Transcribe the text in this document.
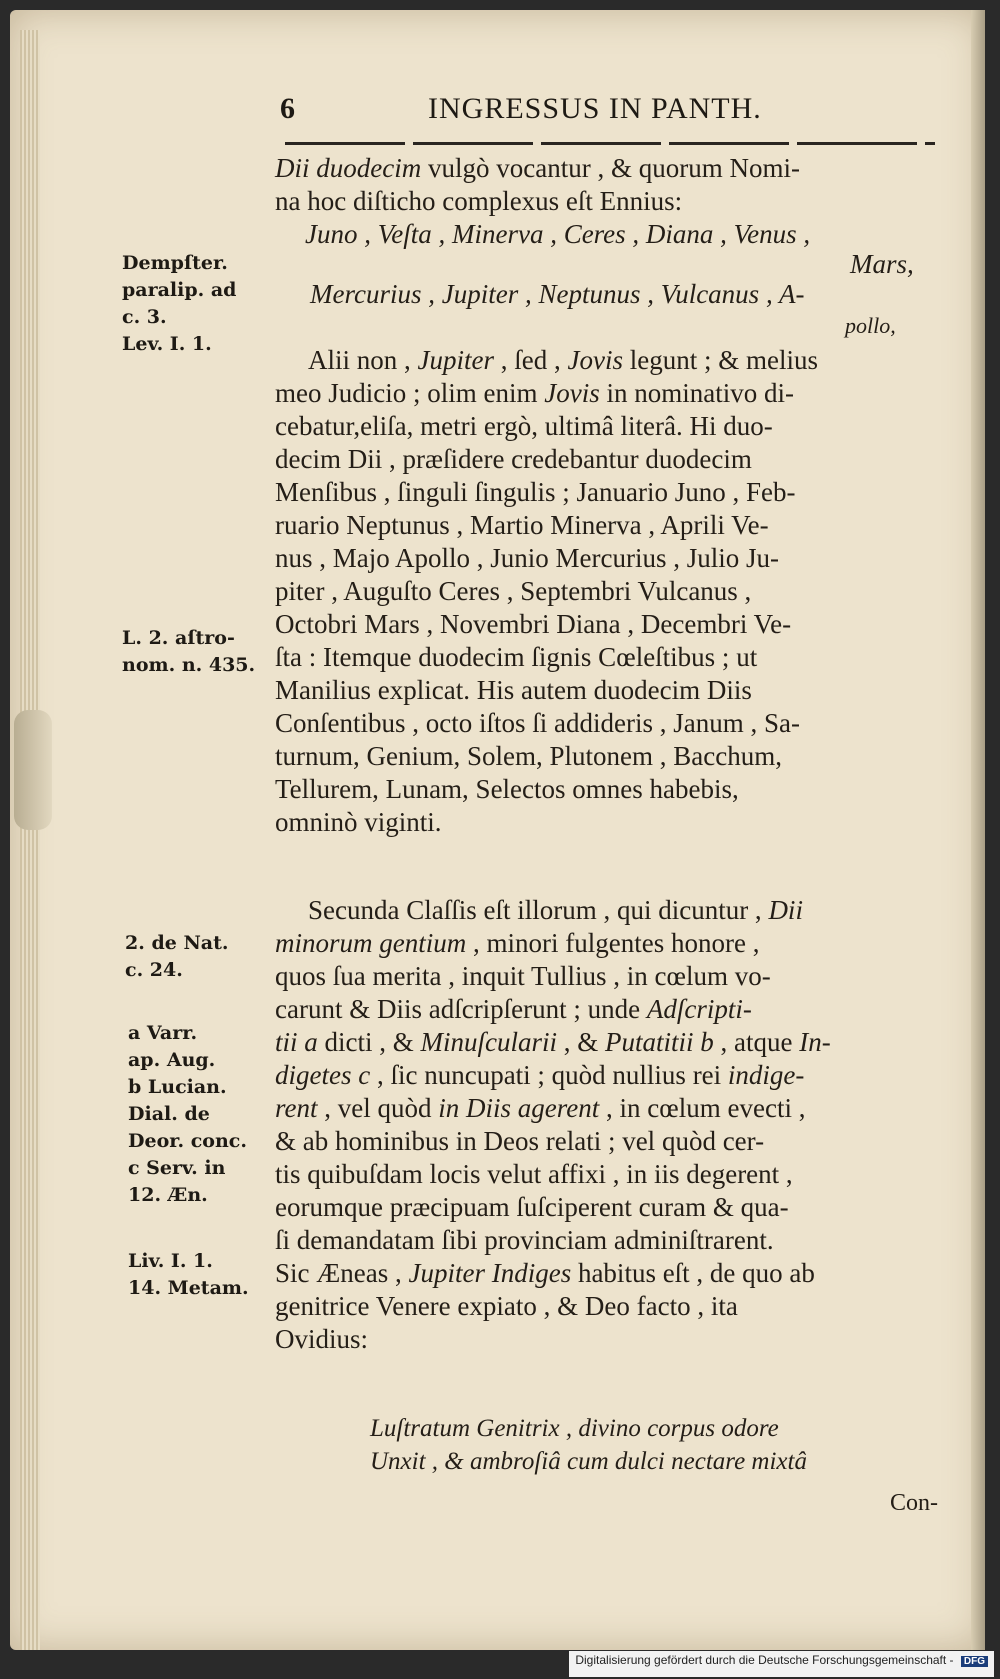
6	INGRESSUS IN PANTH.
Dii duodecim vulgò vocantur , & quorum Nomi-
na hoc diſticho complexus eſt Ennius:
Juno , Veſta , Minerva , Ceres , Diana , Venus ,
Mars,
Mercurius , Jupiter , Neptunus , Vulcanus , A-
pollo,
Alii non , Jupiter , ſed , Jovis legunt ; & melius
meo Judicio ; olim enim Jovis in nominativo di-
cebatur,eliſa, metri ergò, ultimâ literâ. Hi duo-
decim Dii , præſidere credebantur duodecim
Menſibus , ſinguli ſingulis ; Januario Juno , Feb-
ruario Neptunus , Martio Minerva , Aprili Ve-
nus , Majo Apollo , Junio Mercurius , Julio Ju-
piter , Auguſto Ceres , Septembri Vulcanus ,
Octobri Mars , Novembri Diana , Decembri Ve-
ſta : Itemque duodecim ſignis Cœleſtibus ; ut
Manilius explicat. His autem duodecim Diis
Conſentibus , octo iſtos ſi addideris , Janum , Sa-
turnum, Genium, Solem, Plutonem , Bacchum,
Tellurem, Lunam, Selectos omnes habebis,
omninò viginti.
Secunda Claſſis eſt illorum , qui dicuntur , Dii
minorum gentium , minori fulgentes honore ,
quos ſua merita , inquit Tullius , in cœlum vo-
carunt & Diis adſcripſerunt ; unde Adſcripti-
tii a dicti , & Minuſcularii , & Putatitii b , atque In-
digetes c , ſic nuncupati ; quòd nullius rei indige-
rent , vel quòd in Diis agerent , in cœlum evecti ,
& ab hominibus in Deos relati ; vel quòd cer-
tis quibuſdam locis velut affixi , in iis degerent ,
eorumque præcipuam ſuſciperent curam & qua-
ſi demandatam ſibi provinciam adminiſtrarent.
Sic Æneas , Jupiter Indiges habitus eſt , de quo ab
genitrice Venere expiato , & Deo facto , ita
Ovidius:
Luſtratum Genitrix , divino corpus odore
Unxit , & ambroſiâ cum dulci nectare mixtâ
Con-
Dempſter.
paralip. ad
c. 3.
Lev. I. 1.
L. 2. aſtro-
nom. n. 435.
2. de Nat.
c. 24.
a Varr.
ap. Aug.
b Lucian.
Dial. de
Deor. conc.
c Serv. in
12. Æn.
Liv. I. 1.
14. Metam.
Digitalisierung gefördert durch die Deutsche Forschungsgemeinschaft - DFG
